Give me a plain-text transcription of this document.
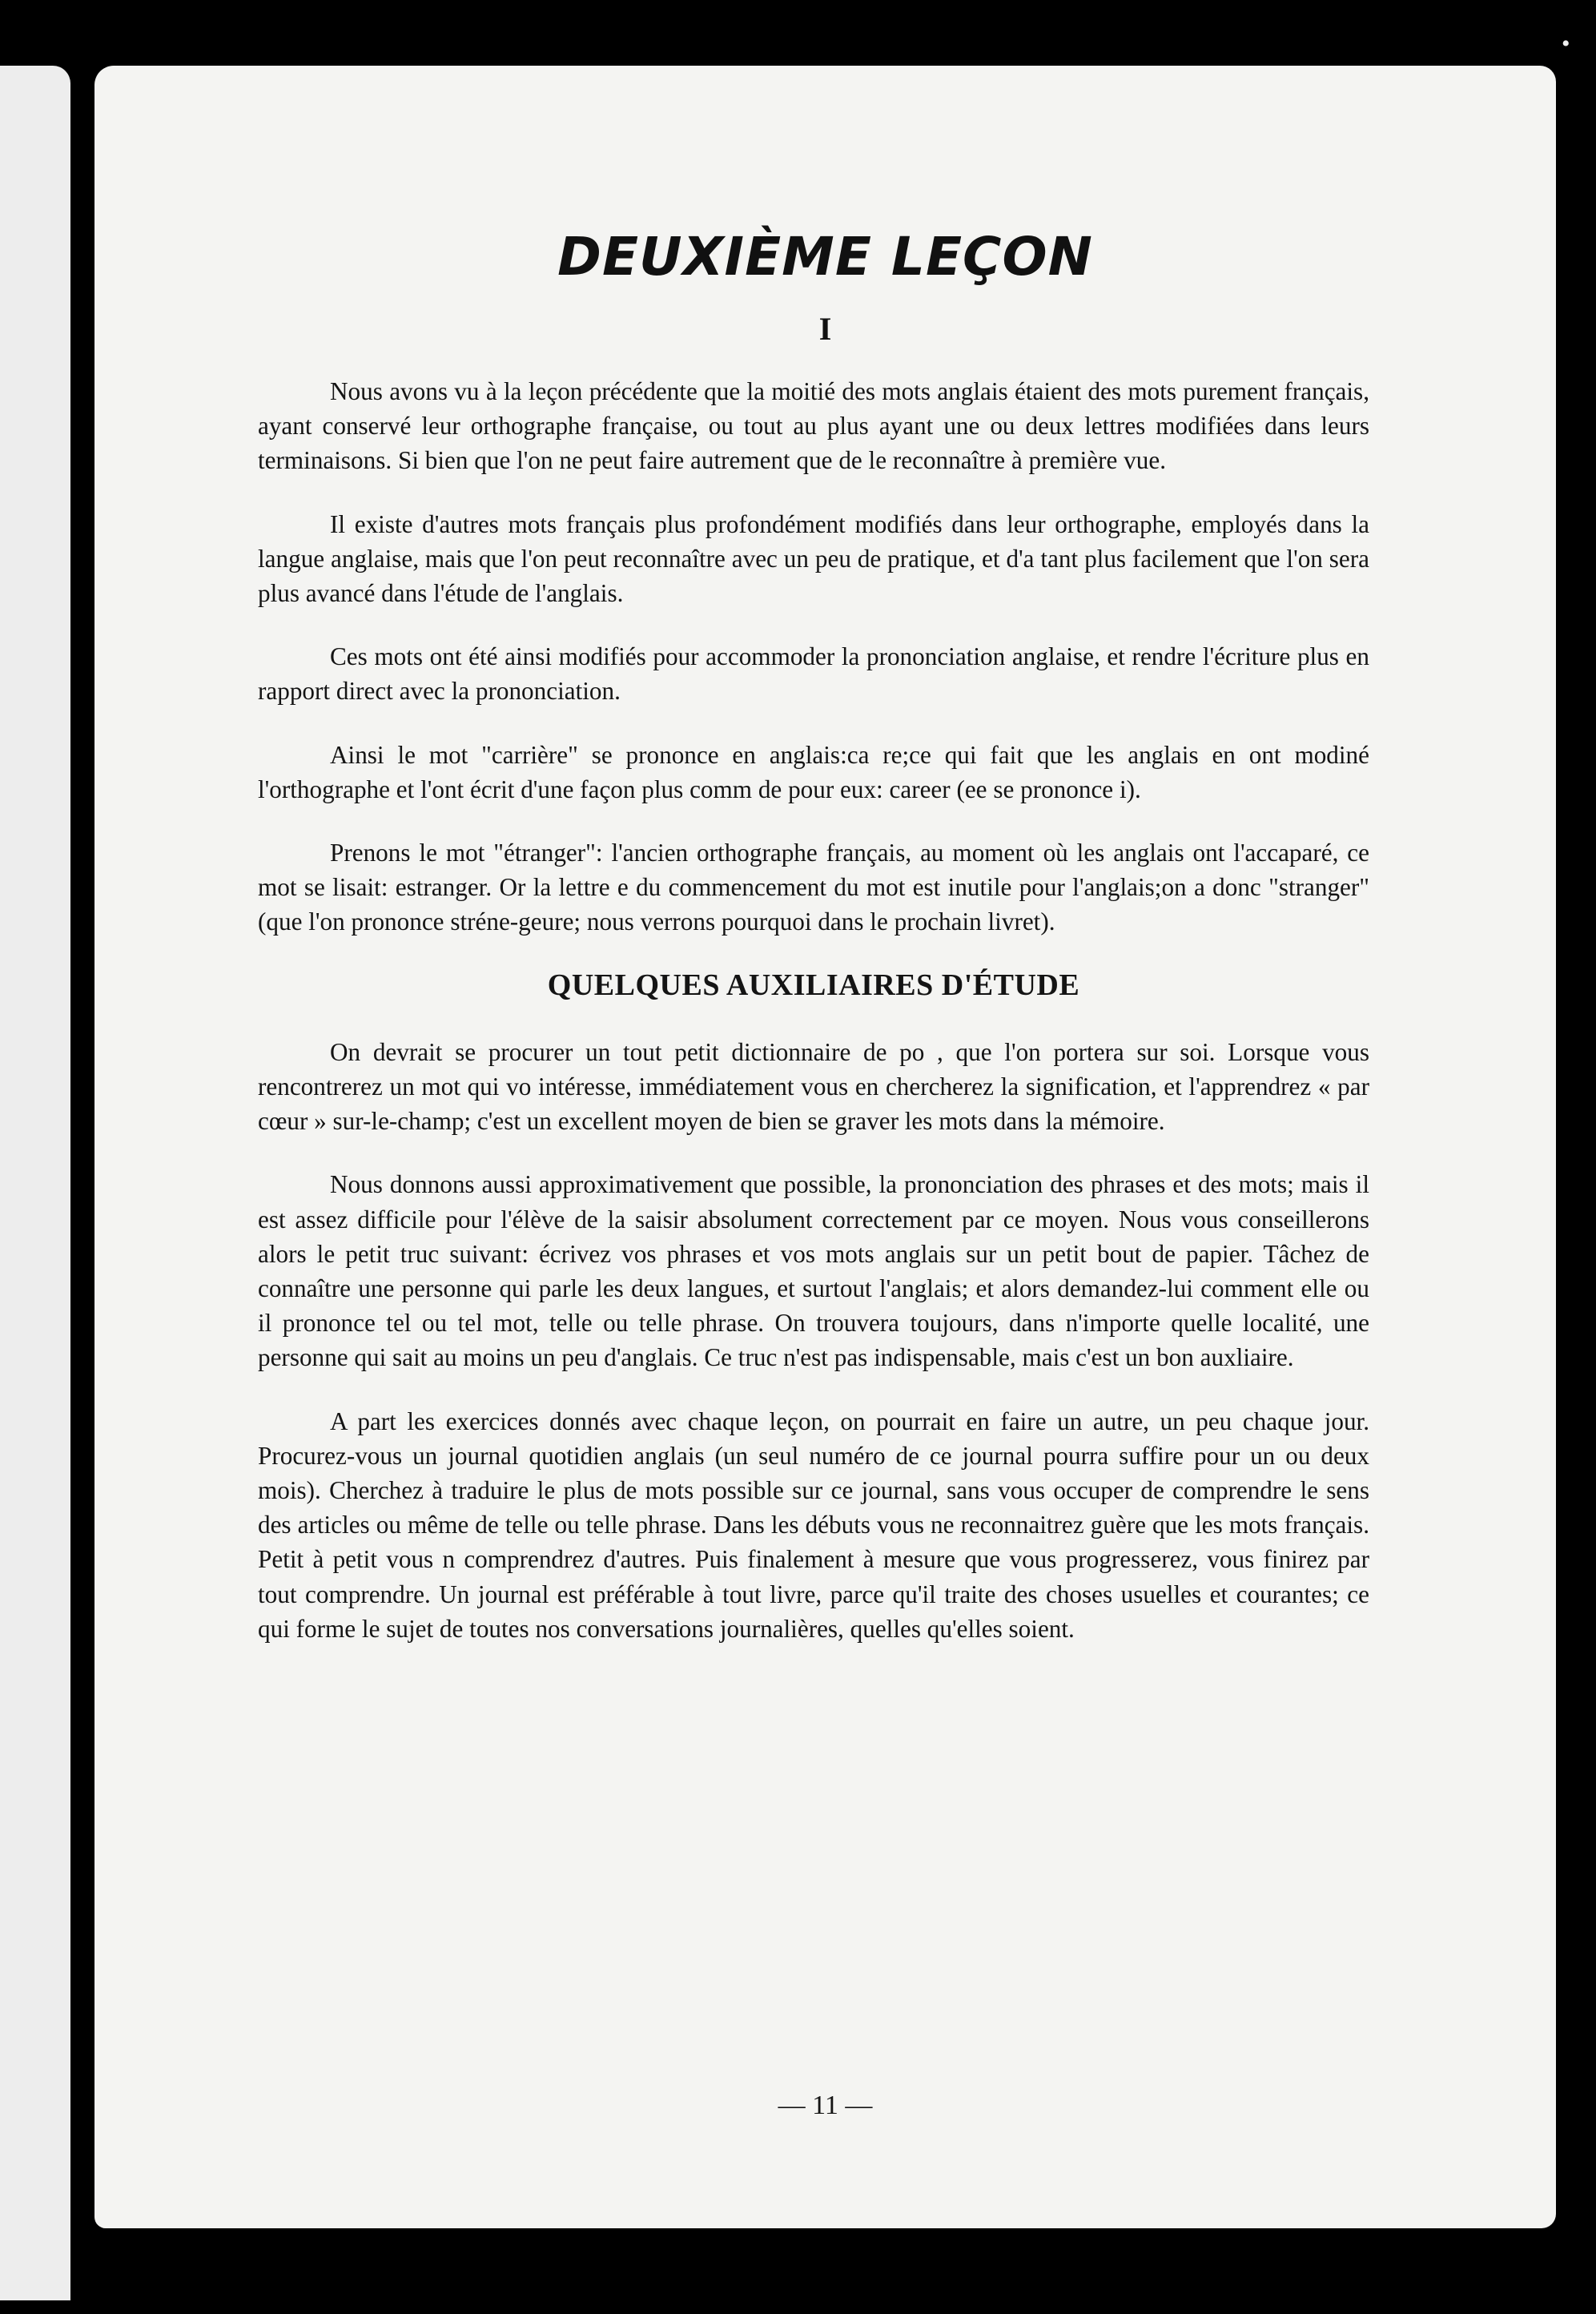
DEUXIÈME LEÇON
I

Nous avons vu à la leçon précédente que la moitié des mots anglais étaient des mots purement français, ayant conservé leur orthographe française, ou tout au plus ayant une ou deux lettres modifiées dans leurs terminaisons. Si bien que l'on ne peut faire autrement que de le reconnaître à première vue.

Il existe d'autres mots français plus profondément modifiés dans leur orthographe, employés dans la langue anglaise, mais que l'on peut reconnaître avec un peu de pratique, et d'a tant plus facilement que l'on sera plus avancé dans l'étude de l'anglais.

Ces mots ont été ainsi modifiés pour accommoder la prononciation anglaise, et rendre l'écriture plus en rapport direct avec la prononciation.

Ainsi le mot "carrière" se prononce en anglais:ca re;ce qui fait que les anglais en ont modiné l'orthographe et l'ont écrit d'une façon plus comm de pour eux: career (ee se prononce i).

Prenons le mot "étranger": l'ancien orthographe français, au moment où les anglais ont l'accaparé, ce mot se lisait: estranger. Or la lettre e du commencement du mot est inutile pour l'anglais;on a donc "stranger" (que l'on prononce stréne-geure; nous verrons pourquoi dans le prochain livret).

QUELQUES AUXILIAIRES D'ÉTUDE

On devrait se procurer un tout petit dictionnaire de po , que l'on portera sur soi. Lorsque vous rencontrerez un mot qui vo intéresse, immédiatement vous en chercherez la signification, et l'apprendrez « par cœur » sur-le-champ; c'est un excellent moyen de bien se graver les mots dans la mémoire.

Nous donnons aussi approximativement que possible, la prononciation des phrases et des mots; mais il est assez difficile pour l'élève de la saisir absolument correctement par ce moyen. Nous vous conseillerons alors le petit truc suivant: écrivez vos phrases et vos mots anglais sur un petit bout de papier. Tâchez de connaître une personne qui parle les deux langues, et surtout l'anglais; et alors demandez-lui comment elle ou il prononce tel ou tel mot, telle ou telle phrase. On trouvera toujours, dans n'importe quelle localité, une personne qui sait au moins un peu d'anglais. Ce truc n'est pas indispensable, mais c'est un bon auxliaire.

A part les exercices donnés avec chaque leçon, on pourrait en faire un autre, un peu chaque jour. Procurez-vous un journal quotidien anglais (un seul numéro de ce journal pourra suffire pour un ou deux mois). Cherchez à traduire le plus de mots possible sur ce journal, sans vous occuper de comprendre le sens des articles ou même de telle ou telle phrase. Dans les débuts vous ne reconnaitrez guère que les mots français. Petit à petit vous n comprendrez d'autres. Puis finalement à mesure que vous progresserez, vous finirez par tout comprendre. Un journal est préférable à tout livre, parce qu'il traite des choses usuelles et courantes; ce qui forme le sujet de toutes nos conversations journalières, quelles qu'elles soient.

— 11 —
•
